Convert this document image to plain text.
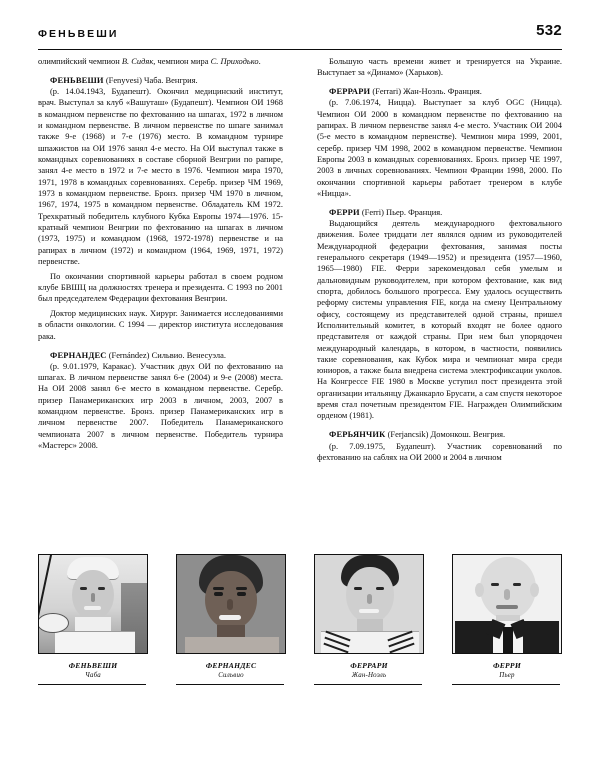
ФЕНЬВЕШИ	532

олимпийский чемпион В. Сидяк, чемпион мира С. Приходько.

ФЕНЬВЕШИ (Fenyvesi) Чаба. Венгрия.

(р. 14.04.1943, Будапешт). Окончил медицинский институт, врач. Выступал за клуб «Вашуташ» (Будапешт). Чемпион ОИ 1968 в командном первенстве по фехтованию на шпагах, 1972 в личном и командном первенстве. В личном первенстве по шпаге занимал также 9-е (1968) и 7-е (1976) место. В командном турнире шпажистов на ОИ 1976 занял 4-е место. На ОИ выступал также в командных соревнованиях в составе сборной Венгрии по рапире, занял 4-е место в 1972 и 7-е место в 1976. Чемпион мира 1970, 1971, 1978 в командных соревнованиях. Серебр. призер ЧМ 1969, 1973 в командном первенстве. Бронз. призер ЧМ 1970 в личном, 1967, 1974, 1975 в командном первенстве. Обладатель КМ 1972. Трехкратный победитель клубного Кубка Европы 1974—1976. 15-кратный чемпион Венгрии по фехтованию на шпагах в личном (1973, 1975) и командном (1968, 1972-1978) первенстве и на рапирах в личном (1972) и командном (1964, 1969, 1971, 1972) первенстве.

По окончании спортивной карьеры работал в своем родном клубе БВШЦ на должностях тренера и президента. С 1993 по 2001 был председателем Федерации фехтования Венгрии.

Доктор медицинских наук. Хирург. Занимается исследованиями в области онкологии. С 1994 — директор института исследования рака.

ФЕРНАНДЕС (Fernández) Сильвио. Венесуэла.

(р. 9.01.1979, Каракас). Участник двух ОИ по фехтованию на шпагах. В личном первенстве занял 6-е (2004) и 9-е (2008) места. На ОИ 2008 занял 6-е место в командном первенстве. Серебр. призер Панамериканских игр 2003 в личном, 2003, 2007 в командном первенстве. Бронз. призер Панамериканских игр в личном первенстве 2007. Победитель Панамериканского чемпионата 2007 в личном первенстве. Победитель турнира «Мастерс» 2008.

Большую часть времени живет и тренируется на Украине. Выступает за «Динамо» (Харьков).

ФЕРРАРИ (Ferrari) Жан-Ноэль. Франция.

(р. 7.06.1974, Ницца). Выступает за клуб OGC (Ницца). Чемпион ОИ 2000 в командном первенстве по фехтованию на рапирах. В личном первенстве занял 4-е место. Участник ОИ 2004 (5-е место в командном первенстве). Чемпион мира 1999, 2001, серебр. призер ЧМ 1998, 2002 в командном первенстве. Чемпион Европы 2003 в командных соревнованиях. Бронз. призер ЧЕ 1997, 2003 в личных соревнованиях. Чемпион Франции 1998, 2000. По окончании спортивной карьеры работает тренером в клубе «Ницца».

ФЕРРИ (Ferri) Пьер. Франция.

Выдающийся деятель международного фехтовального движения. Более тридцати лет являлся одним из руководителей Международной федерации фехтования, занимая посты генерального секретаря (1949—1952) и президента (1957—1960, 1965—1980) FIE. Ферри зарекомендовал себя умелым и дальновидным руководителем, при котором фехтование, как вид спорта, добилось большого прогресса. Ему удалось осуществить реформу системы управления FIE, когда на смену Центральному офису, состоящему из представителей одной страны, пришел Исполнительный комитет, в который входят не более одного представителя от каждой страны. При нем был упорядочен международный календарь, в котором, в частности, появились такие соревнования, как Кубок мира и чемпионат мира среди юниоров, а также была внедрена система электрофиксации уколов. На Конгрессе FIE 1980 в Москве уступил пост президента этой организации итальянцу Джанкарло Брусати, а сам спустя некоторое время стал почетным президентом FIE. Награжден Олимпийским орденом (1981).

ФЕРЬЯНЧИК (Ferjancsik) Домонкош. Венгрия.

(р. 7.09.1975, Будапешт). Участник соревнований по фехтованию на саблях на ОИ 2000 и 2004 в личном

ФЕНЬВЕШИ
Чаба
ФЕРНАНДЕС
Сильвио
ФЕРРАРИ
Жан-Ноэль
ФЕРРИ
Пьер
